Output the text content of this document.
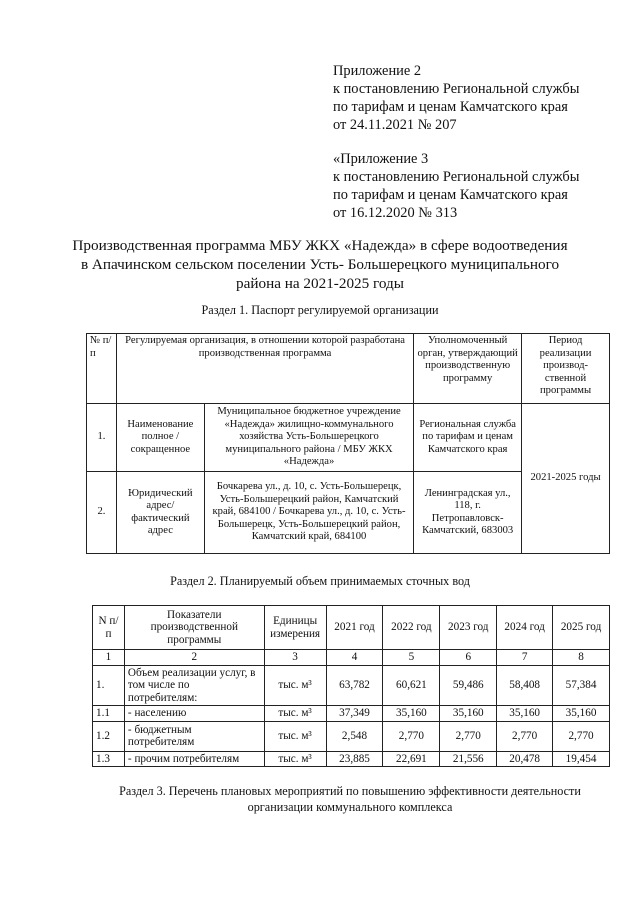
Приложение 2
к постановлению Региональной службы
по тарифам и ценам Камчатского края
от 24.11.2021 № 207
«Приложение 3
к постановлению Региональной службы
по тарифам и ценам Камчатского края
от 16.12.2020 № 313
Производственная программа МБУ ЖКХ «Надежда» в сфере водоотведения в Апачинском сельском поселении Усть- Большерецкого муниципального района на 2021-2025 годы
Раздел 1. Паспорт регулируемой организации
№ п/п	Регулируемая организация, в отношении которой разработана производственная программа		Уполномоченный орган, утверждающий производственную программу	Период реализации производ-ственной программы
1.	Наименование полное / сокращенное	Муниципальное бюджетное учреждение «Надежда» жилищно-коммунального хозяйства Усть-Большерецкого муниципального района / МБУ ЖКХ «Надежда»	Региональная служба по тарифам и ценам Камчатского края	2021-2025 годы
2.	Юридический адрес/фактический адрес	Бочкарева ул., д. 10, с. Усть-Большерецк, Усть-Большерецкий район, Камчатский край, 684100 / Бочкарева ул., д. 10, с. Усть-Большерецк, Усть-Большерецкий район, Камчатский край, 684100	Ленинградская ул., 118, г. Петропавловск-Камчатский, 683003	
Раздел 2. Планируемый объем принимаемых сточных вод
N п/п	Показатели производственной программы	Единицы измерения	2021 год	2022 год	2023 год	2024 год	2025 год
1	2	3	4	5	6	7	8
1.	Объем реализации услуг, в том числе по потребителям:	тыс. м³	63,782	60,621	59,486	58,408	57,384
1.1	- населению	тыс. м³	37,349	35,160	35,160	35,160	35,160
1.2	- бюджетным потребителям	тыс. м³	2,548	2,770	2,770	2,770	2,770
1.3	- прочим потребителям	тыс. м³	23,885	22,691	21,556	20,478	19,454
Раздел 3. Перечень плановых мероприятий по повышению эффективности деятельности организации коммунального комплекса
